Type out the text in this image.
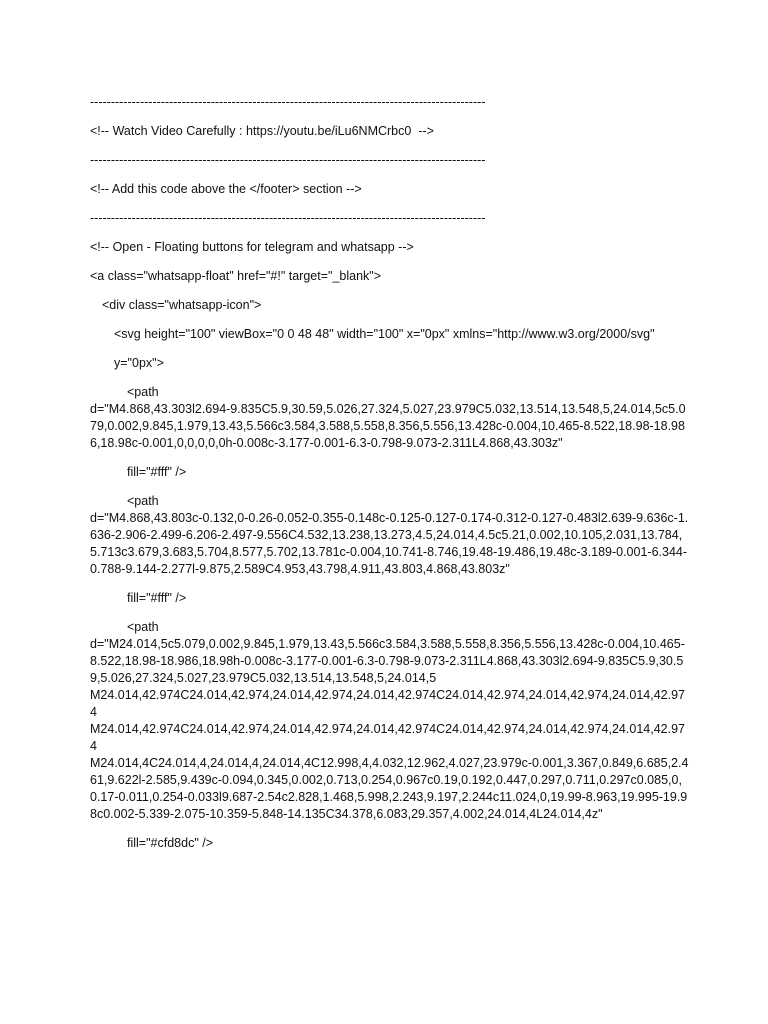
-----------------------------------------------------------------------------------------------
<!-- Watch Video Carefully : https://youtu.be/iLu6NMCrbc0  -->
-----------------------------------------------------------------------------------------------
<!-- Add this code above the </footer> section -->
-----------------------------------------------------------------------------------------------
<!-- Open - Floating buttons for telegram and whatsapp -->
<a class="whatsapp-float" href="#!" target="_blank">
<div class="whatsapp-icon">
<svg height="100" viewBox="0 0 48 48" width="100" x="0px" xmlns="http://www.w3.org/2000/svg"
y="0px">
<path
d="M4.868,43.303l2.694-9.835C5.9,30.59,5.026,27.324,5.027,23.979C5.032,13.514,13.548,5,24.014,5c5.079,0.002,9.845,1.979,13.43,5.566c3.584,3.588,5.558,8.356,5.556,13.428c-0.004,10.465-8.522,18.98-18.986,18.98c-0.001,0,0,0,0,0h-0.008c-3.177-0.001-6.3-0.798-9.073-2.311L4.868,43.303z"
fill="#fff" />
<path
d="M4.868,43.803c-0.132,0-0.26-0.052-0.355-0.148c-0.125-0.127-0.174-0.312-0.127-0.483l2.639-9.636c-1.636-2.906-2.499-6.206-2.497-9.556C4.532,13.238,13.273,4.5,24.014,4.5c5.21,0.002,10.105,2.031,13.784,5.713c3.679,3.683,5.704,8.577,5.702,13.781c-0.004,10.741-8.746,19.48-19.486,19.48c-3.189-0.001-6.344-0.788-9.144-2.277l-9.875,2.589C4.953,43.798,4.911,43.803,4.868,43.803z"
fill="#fff" />
<path
d="M24.014,5c5.079,0.002,9.845,1.979,13.43,5.566c3.584,3.588,5.558,8.356,5.556,13.428c-0.004,10.465-8.522,18.98-18.986,18.98h-0.008c-3.177-0.001-6.3-0.798-9.073-2.311L4.868,43.303l2.694-9.835C5.9,30.59,5.026,27.324,5.027,23.979C5.032,13.514,13.548,5,24.014,5
M24.014,42.974C24.014,42.974,24.014,42.974,24.014,42.974C24.014,42.974,24.014,42.974,24.014,42.974
M24.014,42.974C24.014,42.974,24.014,42.974,24.014,42.974C24.014,42.974,24.014,42.974,24.014,42.974
M24.014,4C24.014,4,24.014,4,24.014,4C12.998,4,4.032,12.962,4.027,23.979c-0.001,3.367,0.849,6.685,2.461,9.622l-2.585,9.439c-0.094,0.345,0.002,0.713,0.254,0.967c0.19,0.192,0.447,0.297,0.711,0.297c0.085,0,0.17-0.011,0.254-0.033l9.687-2.54c2.828,1.468,5.998,2.243,9.197,2.244c11.024,0,19.99-8.963,19.995-19.98c0.002-5.339-2.075-10.359-5.848-14.135C34.378,6.083,29.357,4.002,24.014,4L24.014,4z"
fill="#cfd8dc" />
